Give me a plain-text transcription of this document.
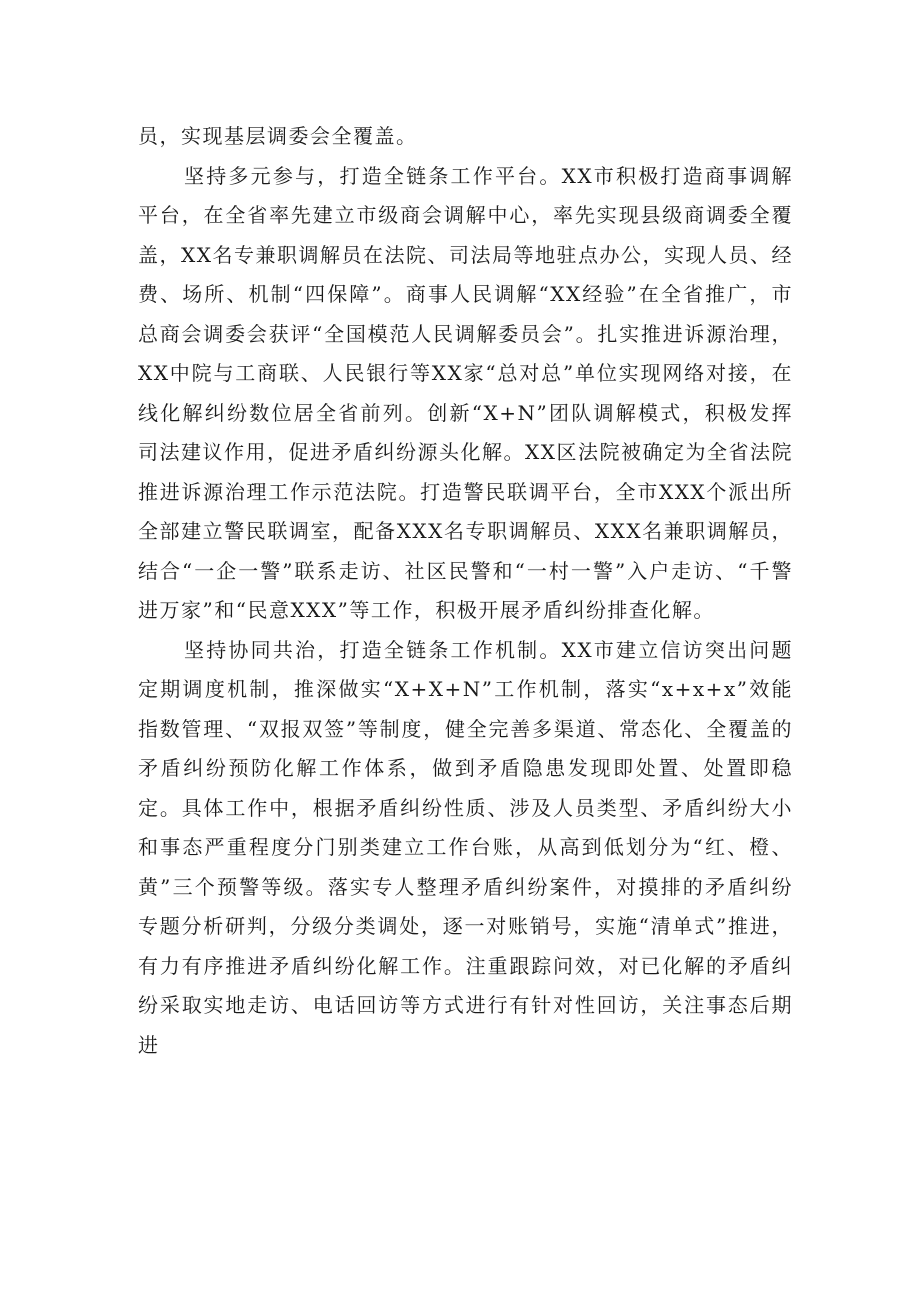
员，实现基层调委会全覆盖。

坚持多元参与，打造全链条工作平台。XX市积极打造商事调解平台，在全省率先建立市级商会调解中心，率先实现县级商调委全覆盖，XX名专兼职调解员在法院、司法局等地驻点办公，实现人员、经费、场所、机制“四保障”。商事人民调解“XX经验”在全省推广，市总商会调委会获评“全国模范人民调解委员会”。扎实推进诉源治理，XX中院与工商联、人民银行等XX家“总对总”单位实现网络对接，在线化解纠纷数位居全省前列。创新“X+N”团队调解模式，积极发挥司法建议作用，促进矛盾纠纷源头化解。XX区法院被确定为全省法院推进诉源治理工作示范法院。打造警民联调平台，全市XXX个派出所全部建立警民联调室，配备XXX名专职调解员、XXX名兼职调解员，结合“一企一警”联系走访、社区民警和“一村一警”入户走访、“千警进万家”和“民意XXX”等工作，积极开展矛盾纠纷排查化解。

坚持协同共治，打造全链条工作机制。XX市建立信访突出问题定期调度机制，推深做实“X+X+N”工作机制，落实“x+x+x”效能指数管理、“双报双签”等制度，健全完善多渠道、常态化、全覆盖的矛盾纠纷预防化解工作体系，做到矛盾隐患发现即处置、处置即稳定。具体工作中，根据矛盾纠纷性质、涉及人员类型、矛盾纠纷大小和事态严重程度分门别类建立工作台账，从高到低划分为“红、橙、黄”三个预警等级。落实专人整理矛盾纠纷案件，对摸排的矛盾纠纷专题分析研判，分级分类调处，逐一对账销号，实施“清单式”推进，有力有序推进矛盾纠纷化解工作。注重跟踪问效，对已化解的矛盾纠纷采取实地走访、电话回访等方式进行有针对性回访，关注事态后期进
